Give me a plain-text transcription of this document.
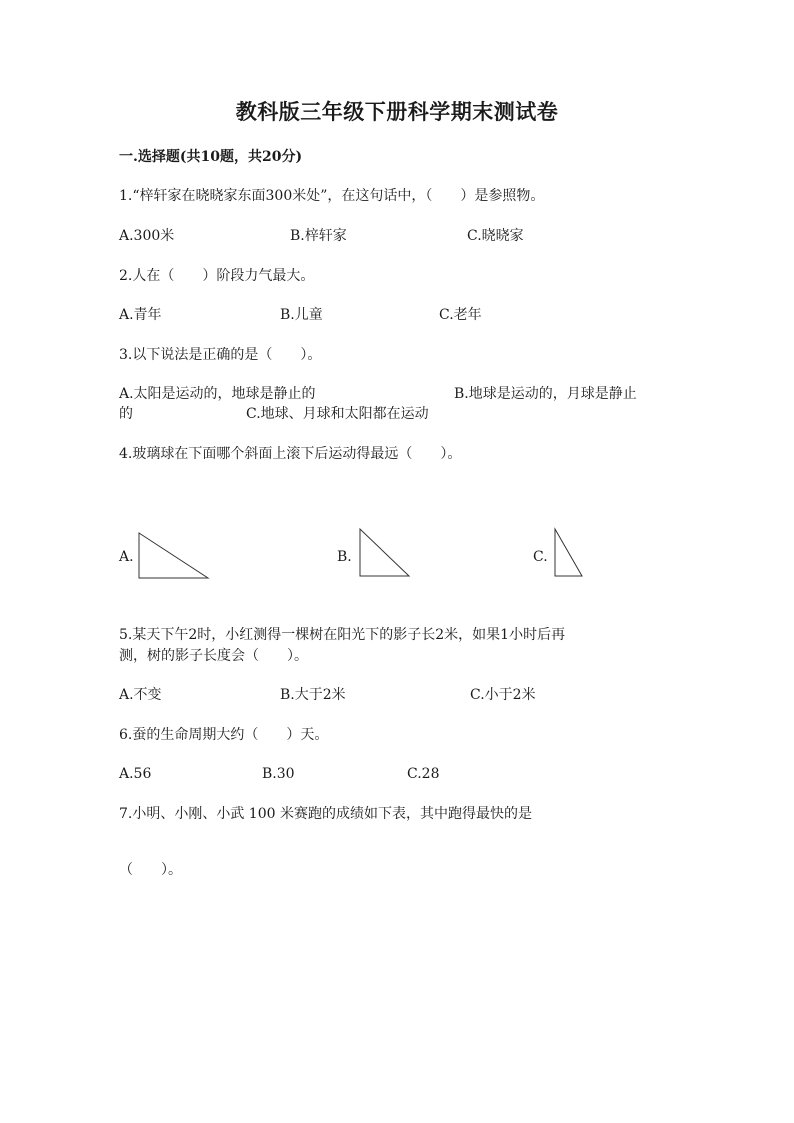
教科版三年级下册科学期末测试卷
一.选择题(共10题，共20分)
1.“梓轩家在晓晓家东面300米处”，在这句话中，（　　）是参照物。
A.300米	B.梓轩家	C.晓晓家
2.人在（　　）阶段力气最大。
A.青年	B.儿童	C.老年
3.以下说法是正确的是（　　）。
A.太阳是运动的，地球是静止的	B.地球是运动的，月球是静止
的	C.地球、月球和太阳都在运动
4.玻璃球在下面哪个斜面上滚下后运动得最远（　　）。
A.	B.	C.
5.某天下午2时，小红测得一棵树在阳光下的影子长2米，如果1小时后再
测，树的影子长度会（　　）。
A.不变	B.大于2米	C.小于2米
6.蚕的生命周期大约（　　）天。
A.56	B.30	C.28
7.小明、小刚、小武 100 米赛跑的成绩如下表，其中跑得最快的是
（　　）。
